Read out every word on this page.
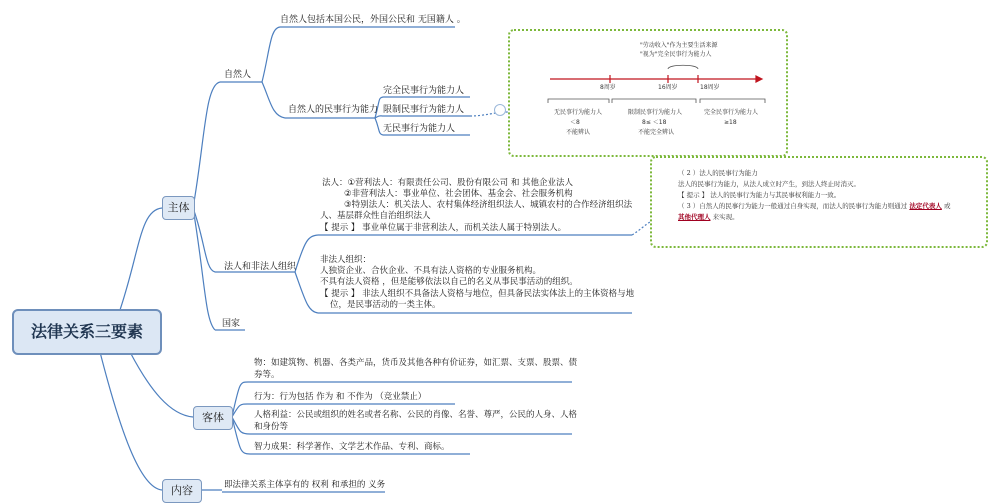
法律关系三要素
主体
客体
内容
自然人
自然人包括本国公民，外国公民和 无国籍人 。
自然人的民事行为能力
完全民事行为能力人
限制民事行为能力人
无民事行为能力人
法人和非法人组织
法人：①营利法人：有限责任公司、股份有限公司 和 其他企业法人
②非营利法人：事业单位、社会团体、基金会、社会服务机构
③特别法人：机关法人、农村集体经济组织法人、城镇农村的合作经济组织法
人、基层群众性自治组织法人
【 提示 】 事业单位属于非营利法人，而机关法人属于特别法人。
非法人组织：
人独资企业、合伙企业、不具有法人资格的专业服务机构。
不具有法人资格 ，但是能够依法以自己的名义从事民事活动的组织。
【 提示 】 非法人组织不具备法人资格与地位，但具备民法实体法上的主体资格与地
位，是民事活动的一类主体。
国家
物：如建筑物、机器、各类产品，货币及其他各种有价证券，如汇票、支票、股票、债
券等。
行为：行为包括 作为 和 不作为 （竞业禁止）
人格利益：公民或组织的姓名或者名称、公民的肖像、名誉、尊严，公民的人身、人格
和身份等
智力成果：科学著作、文学艺术作品、专利、商标。
即法律关系主体享有的 权利 和承担的 义务
"劳动收入"作为主要生活来源
"视为"完全民事行为能力人
8周岁	16周岁	18周岁
无民事行为能力人
＜8
不能辨认
限制民事行为能力人
8≤ ＜18
不能完全辨认
完全民事行为能力人
≥18
（ 2 ）法人的民事行为能力
法人的民事行为能力，从法人成立时产生，到法人终止时消灭。
【 提示 】 法人的民事行为能力与其民事权利能力一致。
（ 3 ）自然人的民事行为能力一般通过自身实现，而法人的民事行为能力则通过 法定代表人 或
其他代理人 来实现。
